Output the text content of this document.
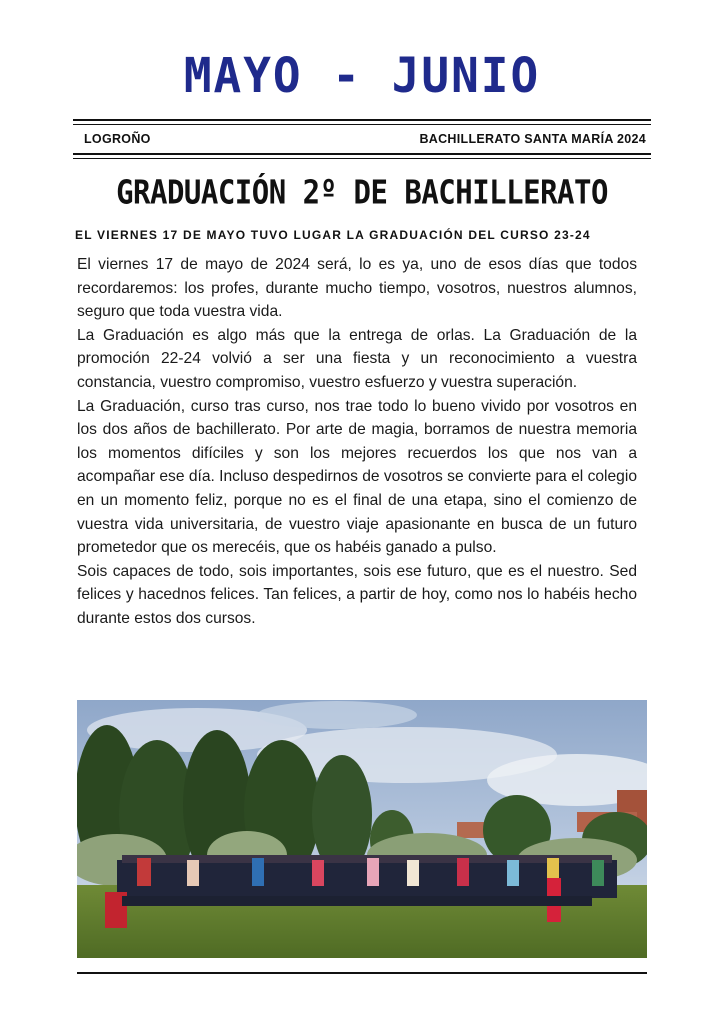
MAYO - JUNIO
LOGROÑO	BACHILLERATO SANTA MARÍA 2024
GRADUACIÓN 2º DE BACHILLERATO
EL VIERNES 17 DE MAYO TUVO LUGAR LA GRADUACIÓN DEL CURSO 23-24

El viernes 17 de mayo de 2024 será, lo es ya, uno de esos días que todos recordaremos: los profes, durante mucho tiempo, vosotros, nuestros alumnos, seguro que toda vuestra vida.

La Graduación es algo más que la entrega de orlas. La Graduación de la promoción 22-24 volvió a ser una fiesta y un reconocimiento a vuestra constancia, vuestro compromiso, vuestro esfuerzo y vuestra superación.

La Graduación, curso tras curso, nos trae todo lo bueno vivido por vosotros en los dos años de bachillerato. Por arte de magia, borramos de nuestra memoria los momentos difíciles y son los mejores recuerdos los que nos van a acompañar ese día. Incluso despedirnos de vosotros se convierte para el colegio en un momento feliz, porque no es el final de una etapa, sino el comienzo de vuestra vida universitaria, de vuestro viaje apasionante en busca de un futuro prometedor que os merecéis, que os habéis ganado a pulso.

Sois capaces de todo, sois importantes, sois ese futuro, que es el nuestro. Sed felices y hacednos felices. Tan felices, a partir de hoy, como nos lo habéis hecho durante estos dos cursos.
